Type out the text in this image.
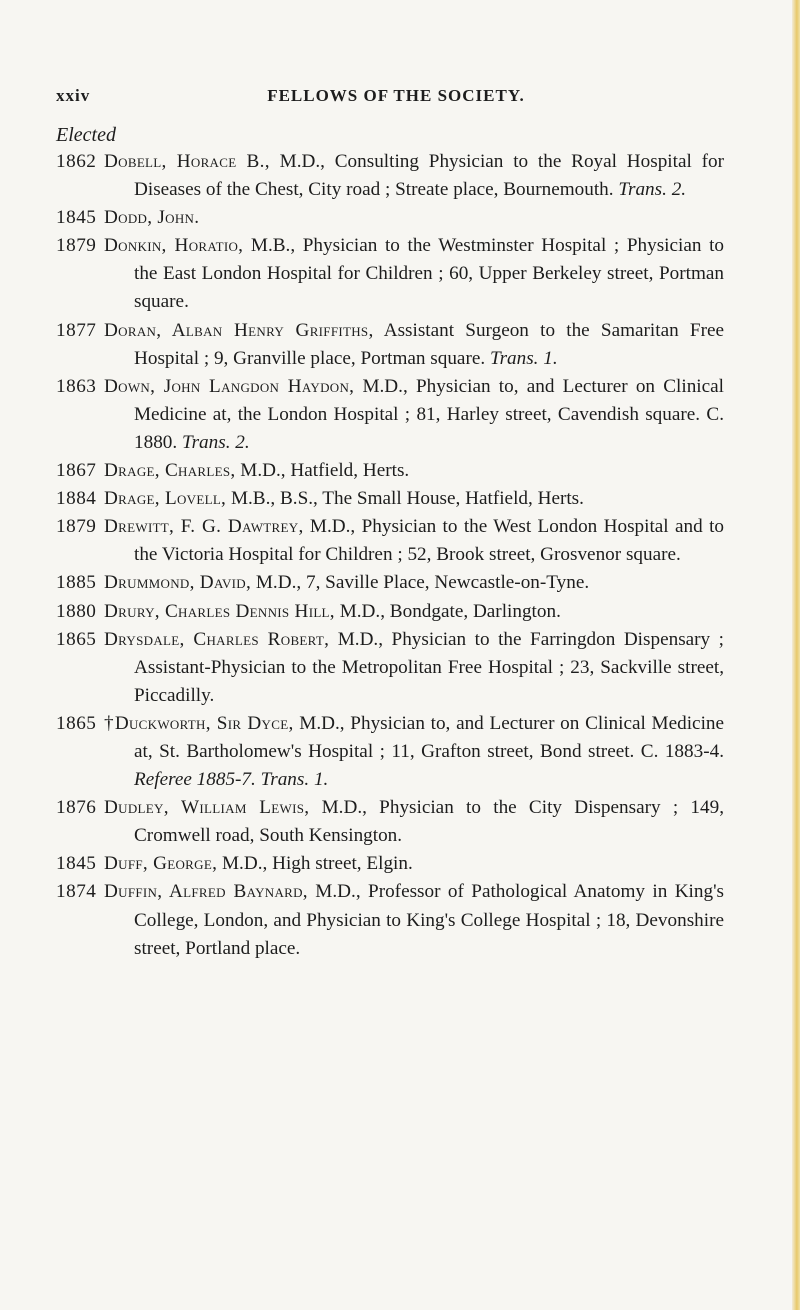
xxiv	FELLOWS OF THE SOCIETY.
Elected
1862 Dobell, Horace B., M.D., Consulting Physician to the Royal Hospital for Diseases of the Chest, City road ; Streate place, Bournemouth. Trans. 2.
1845 Dodd, John.
1879 Donkin, Horatio, M.B., Physician to the Westminster Hospital ; Physician to the East London Hospital for Children ; 60, Upper Berkeley street, Portman square.
1877 Doran, Alban Henry Griffiths, Assistant Surgeon to the Samaritan Free Hospital ; 9, Granville place, Portman square. Trans. 1.
1863 Down, John Langdon Haydon, M.D., Physician to, and Lecturer on Clinical Medicine at, the London Hospital ; 81, Harley street, Cavendish square. C. 1880. Trans. 2.
1867 Drage, Charles, M.D., Hatfield, Herts.
1884 Drage, Lovell, M.B., B.S., The Small House, Hatfield, Herts.
1879 Drewitt, F. G. Dawtrey, M.D., Physician to the West London Hospital and to the Victoria Hospital for Children ; 52, Brook street, Grosvenor square.
1885 Drummond, David, M.D., 7, Saville Place, Newcastle-on-Tyne.
1880 Drury, Charles Dennis Hill, M.D., Bondgate, Darlington.
1865 Drysdale, Charles Robert, M.D., Physician to the Farringdon Dispensary ; Assistant-Physician to the Metropolitan Free Hospital ; 23, Sackville street, Piccadilly.
1865 †Duckworth, Sir Dyce, M.D., Physician to, and Lecturer on Clinical Medicine at, St. Bartholomew's Hospital ; 11, Grafton street, Bond street. C. 1883-4. Referee 1885-7. Trans. 1.
1876 Dudley, William Lewis, M.D., Physician to the City Dispensary ; 149, Cromwell road, South Kensington.
1845 Duff, George, M.D., High street, Elgin.
1874 Duffin, Alfred Baynard, M.D., Professor of Pathological Anatomy in King's College, London, and Physician to King's College Hospital ; 18, Devonshire street, Portland place.
